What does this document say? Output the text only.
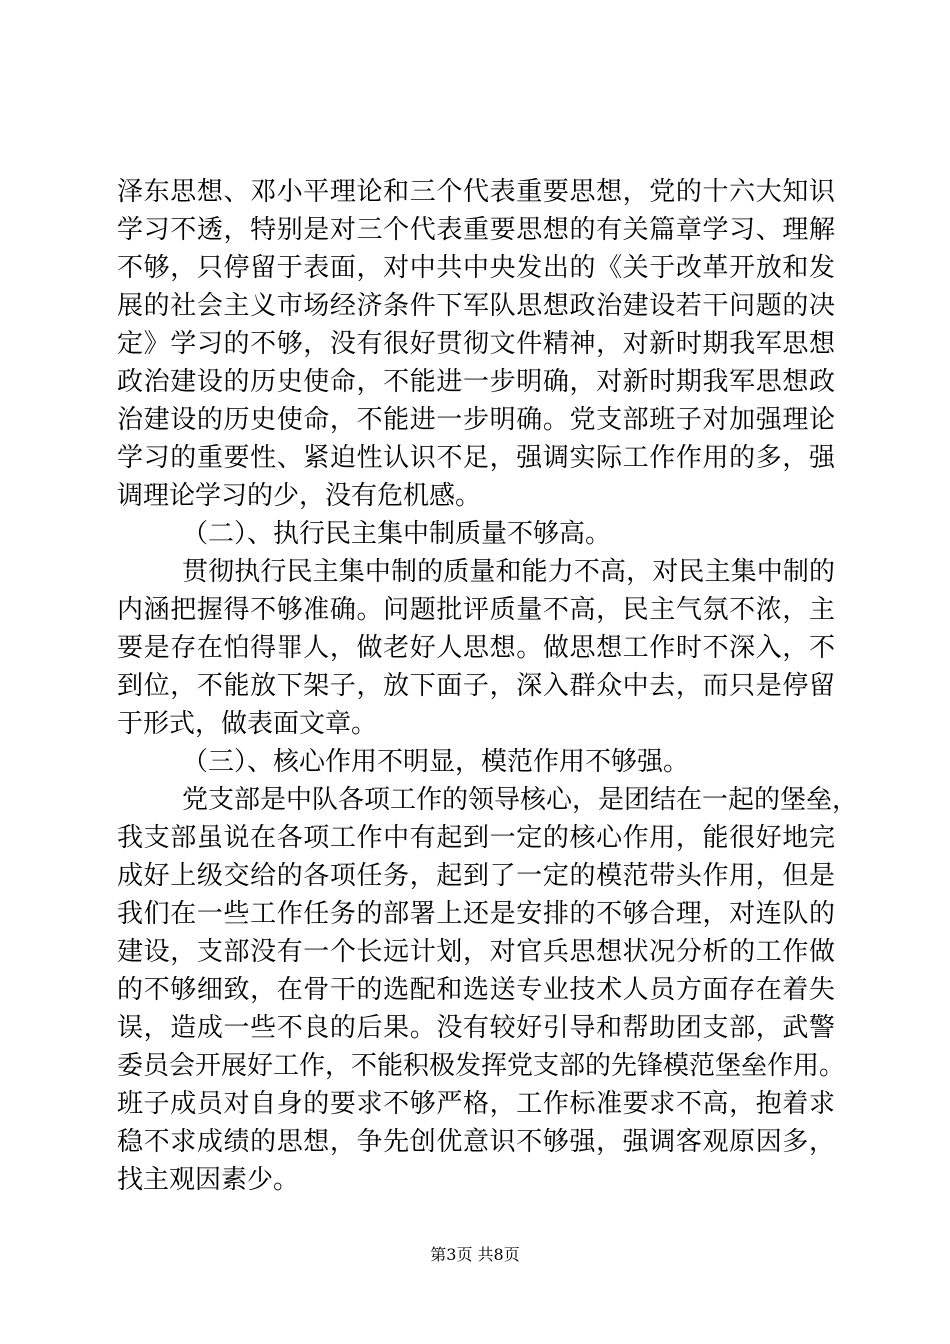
泽东思想、邓小平理论和三个代表重要思想，党的十六大知识
学习不透，特别是对三个代表重要思想的有关篇章学习、理解
不够，只停留于表面，对中共中央发出的《关于改革开放和发
展的社会主义市场经济条件下军队思想政治建设若干问题的决
定》学习的不够，没有很好贯彻文件精神，对新时期我军思想
政治建设的历史使命，不能进一步明确，对新时期我军思想政
治建设的历史使命，不能进一步明确。党支部班子对加强理论
学习的重要性、紧迫性认识不足，强调实际工作作用的多，强
调理论学习的少，没有危机感。
（二）、执行民主集中制质量不够高。
贯彻执行民主集中制的质量和能力不高，对民主集中制的
内涵把握得不够准确。问题批评质量不高，民主气氛不浓，主
要是存在怕得罪人，做老好人思想。做思想工作时不深入，不
到位，不能放下架子，放下面子，深入群众中去，而只是停留
于形式，做表面文章。
（三）、核心作用不明显，模范作用不够强。
党支部是中队各项工作的领导核心，是团结在一起的堡垒，
我支部虽说在各项工作中有起到一定的核心作用，能很好地完
成好上级交给的各项任务，起到了一定的模范带头作用，但是
我们在一些工作任务的部署上还是安排的不够合理，对连队的
建设，支部没有一个长远计划，对官兵思想状况分析的工作做
的不够细致，在骨干的选配和选送专业技术人员方面存在着失
误，造成一些不良的后果。没有较好引导和帮助团支部，武警
委员会开展好工作，不能积极发挥党支部的先锋模范堡垒作用。
班子成员对自身的要求不够严格，工作标准要求不高，抱着求
稳不求成绩的思想，争先创优意识不够强，强调客观原因多，
找主观因素少。
第3页 共8页
